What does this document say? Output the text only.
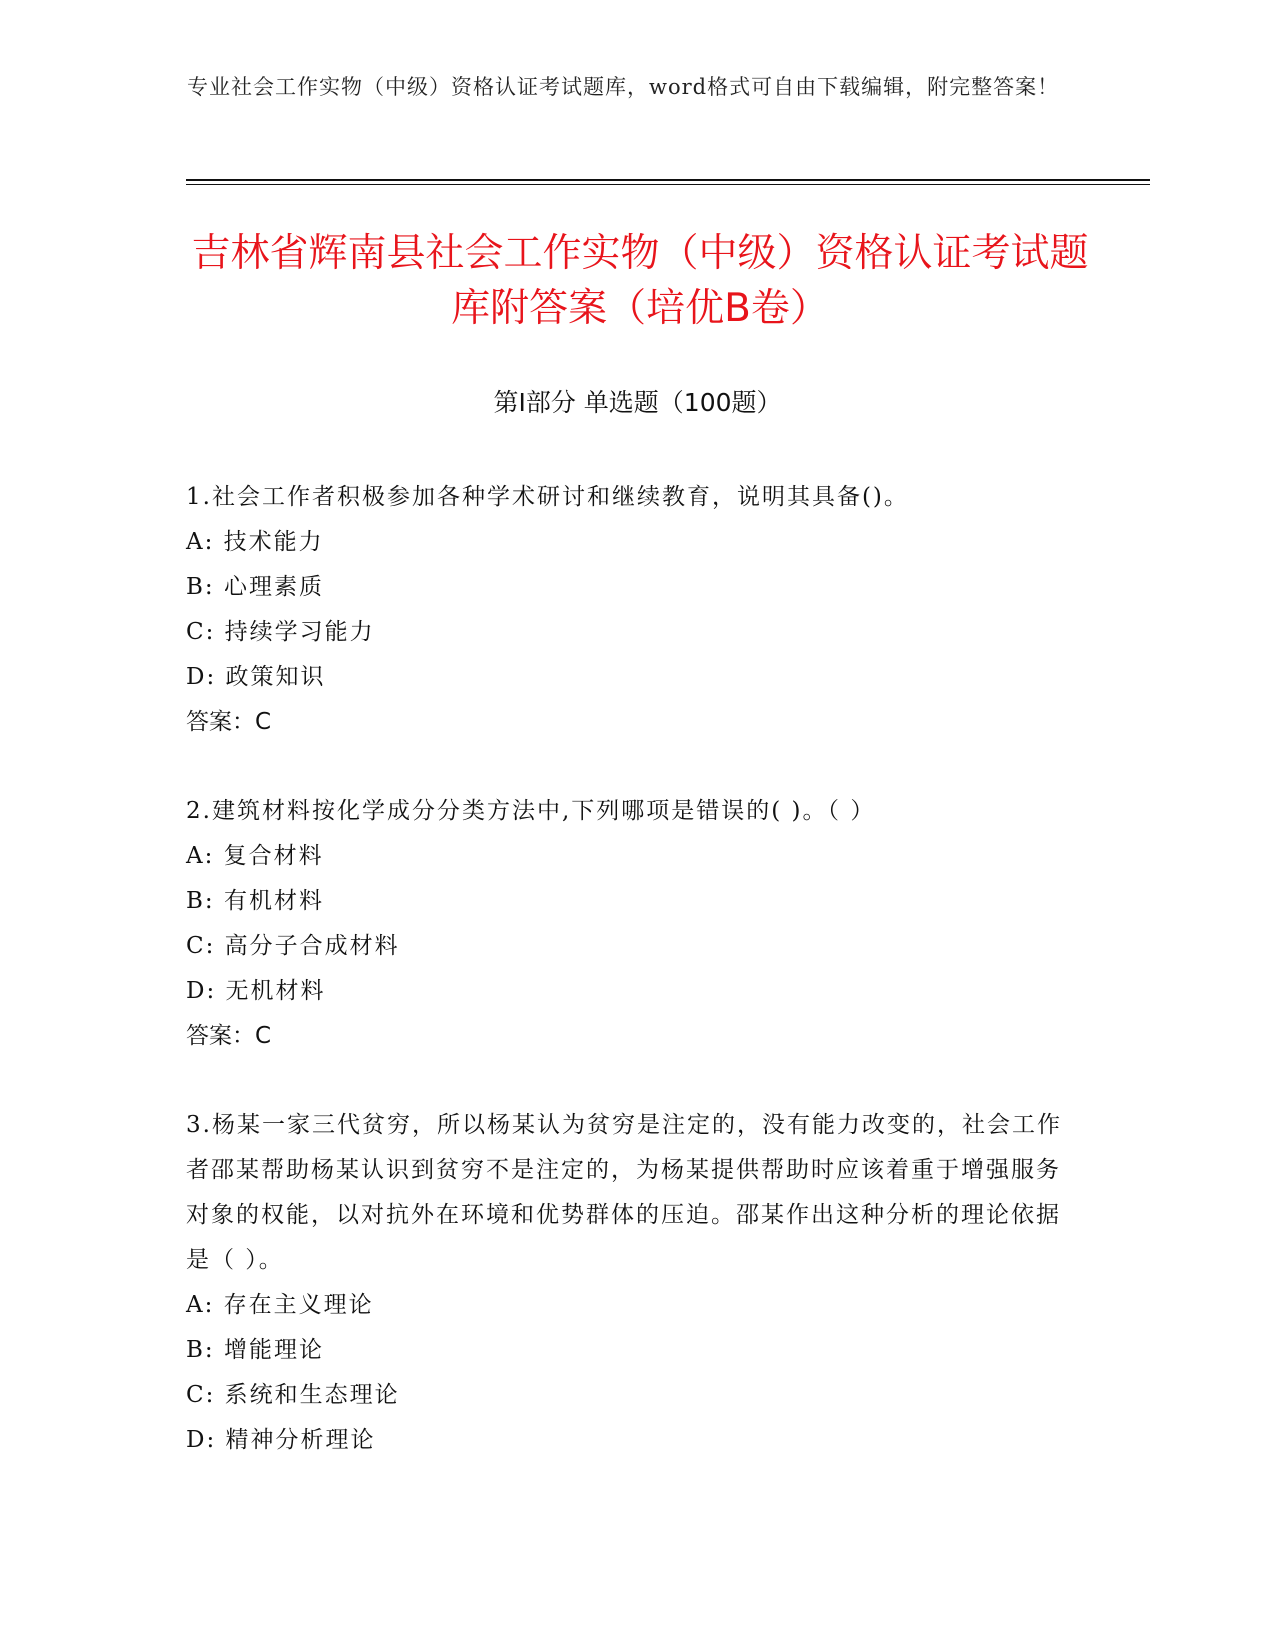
专业社会工作实物（中级）资格认证考试题库，word格式可自由下载编辑，附完整答案！
吉林省辉南县社会工作实物（中级）资格认证考试题库附答案（培优B卷）
第Ⅰ部分 单选题（100题）
1.社会工作者积极参加各种学术研讨和继续教育，说明其具备()。
A: 技术能力
B: 心理素质
C: 持续学习能力
D: 政策知识
答案：C
2.建筑材料按化学成分分类方法中,下列哪项是错误的( )。（ ）
A: 复合材料
B: 有机材料
C: 高分子合成材料
D: 无机材料
答案：C
3.杨某一家三代贫穷，所以杨某认为贫穷是注定的，没有能力改变的，社会工作者邵某帮助杨某认识到贫穷不是注定的，为杨某提供帮助时应该着重于增强服务对象的权能，以对抗外在环境和优势群体的压迫。邵某作出这种分析的理论依据是（ ）。
A: 存在主义理论
B: 增能理论
C: 系统和生态理论
D: 精神分析理论
